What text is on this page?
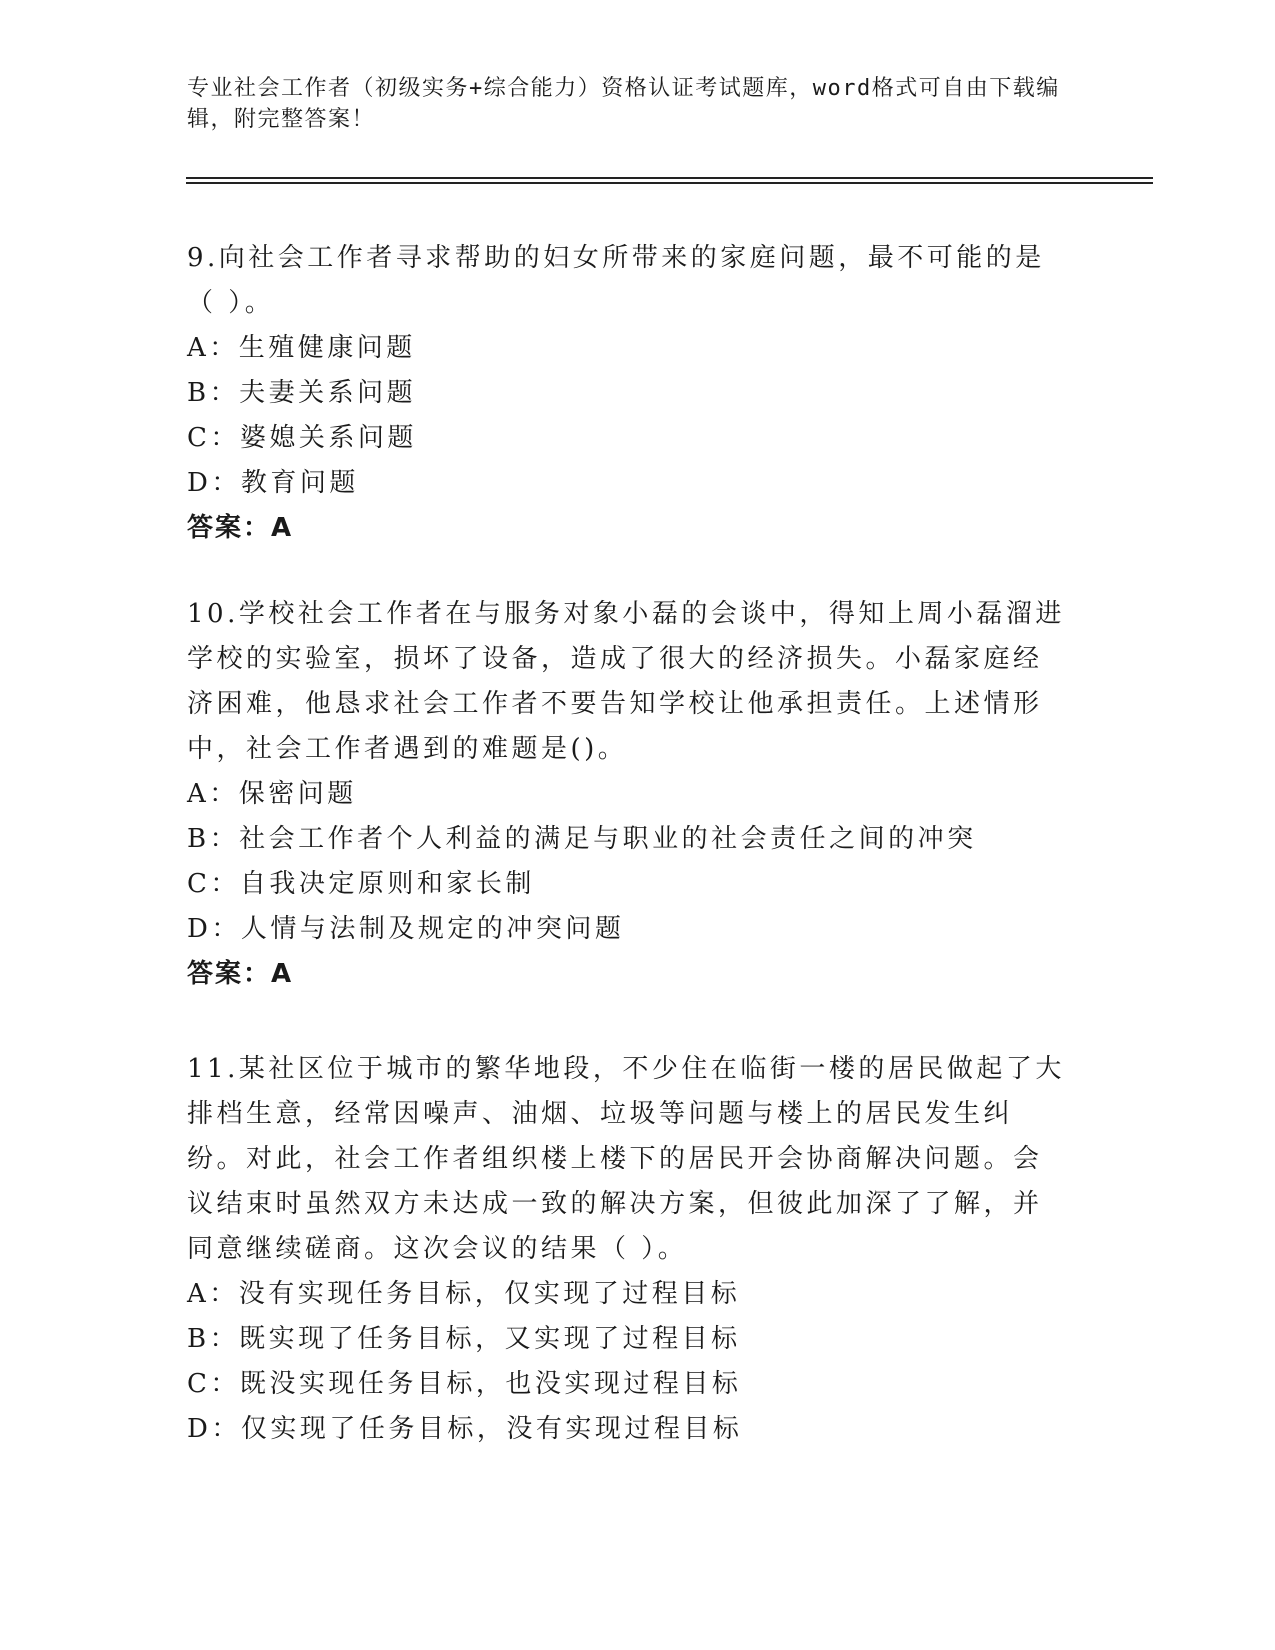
专业社会工作者（初级实务+综合能力）资格认证考试题库，word格式可自由下载编辑，附完整答案！

9.向社会工作者寻求帮助的妇女所带来的家庭问题，最不可能的是（ ）。

A：生殖健康问题

B：夫妻关系问题

C：婆媳关系问题

D：教育问题

答案：A

10.学校社会工作者在与服务对象小磊的会谈中，得知上周小磊溜进学校的实验室，损坏了设备，造成了很大的经济损失。小磊家庭经济困难，他恳求社会工作者不要告知学校让他承担责任。上述情形中，社会工作者遇到的难题是()。

A：保密问题

B：社会工作者个人利益的满足与职业的社会责任之间的冲突

C：自我决定原则和家长制

D：人情与法制及规定的冲突问题

答案：A

11.某社区位于城市的繁华地段，不少住在临街一楼的居民做起了大排档生意，经常因噪声、油烟、垃圾等问题与楼上的居民发生纠纷。对此，社会工作者组织楼上楼下的居民开会协商解决问题。会议结束时虽然双方未达成一致的解决方案，但彼此加深了了解，并同意继续磋商。这次会议的结果（ ）。

A：没有实现任务目标，仅实现了过程目标

B：既实现了任务目标，又实现了过程目标

C：既没实现任务目标，也没实现过程目标

D：仅实现了任务目标，没有实现过程目标
